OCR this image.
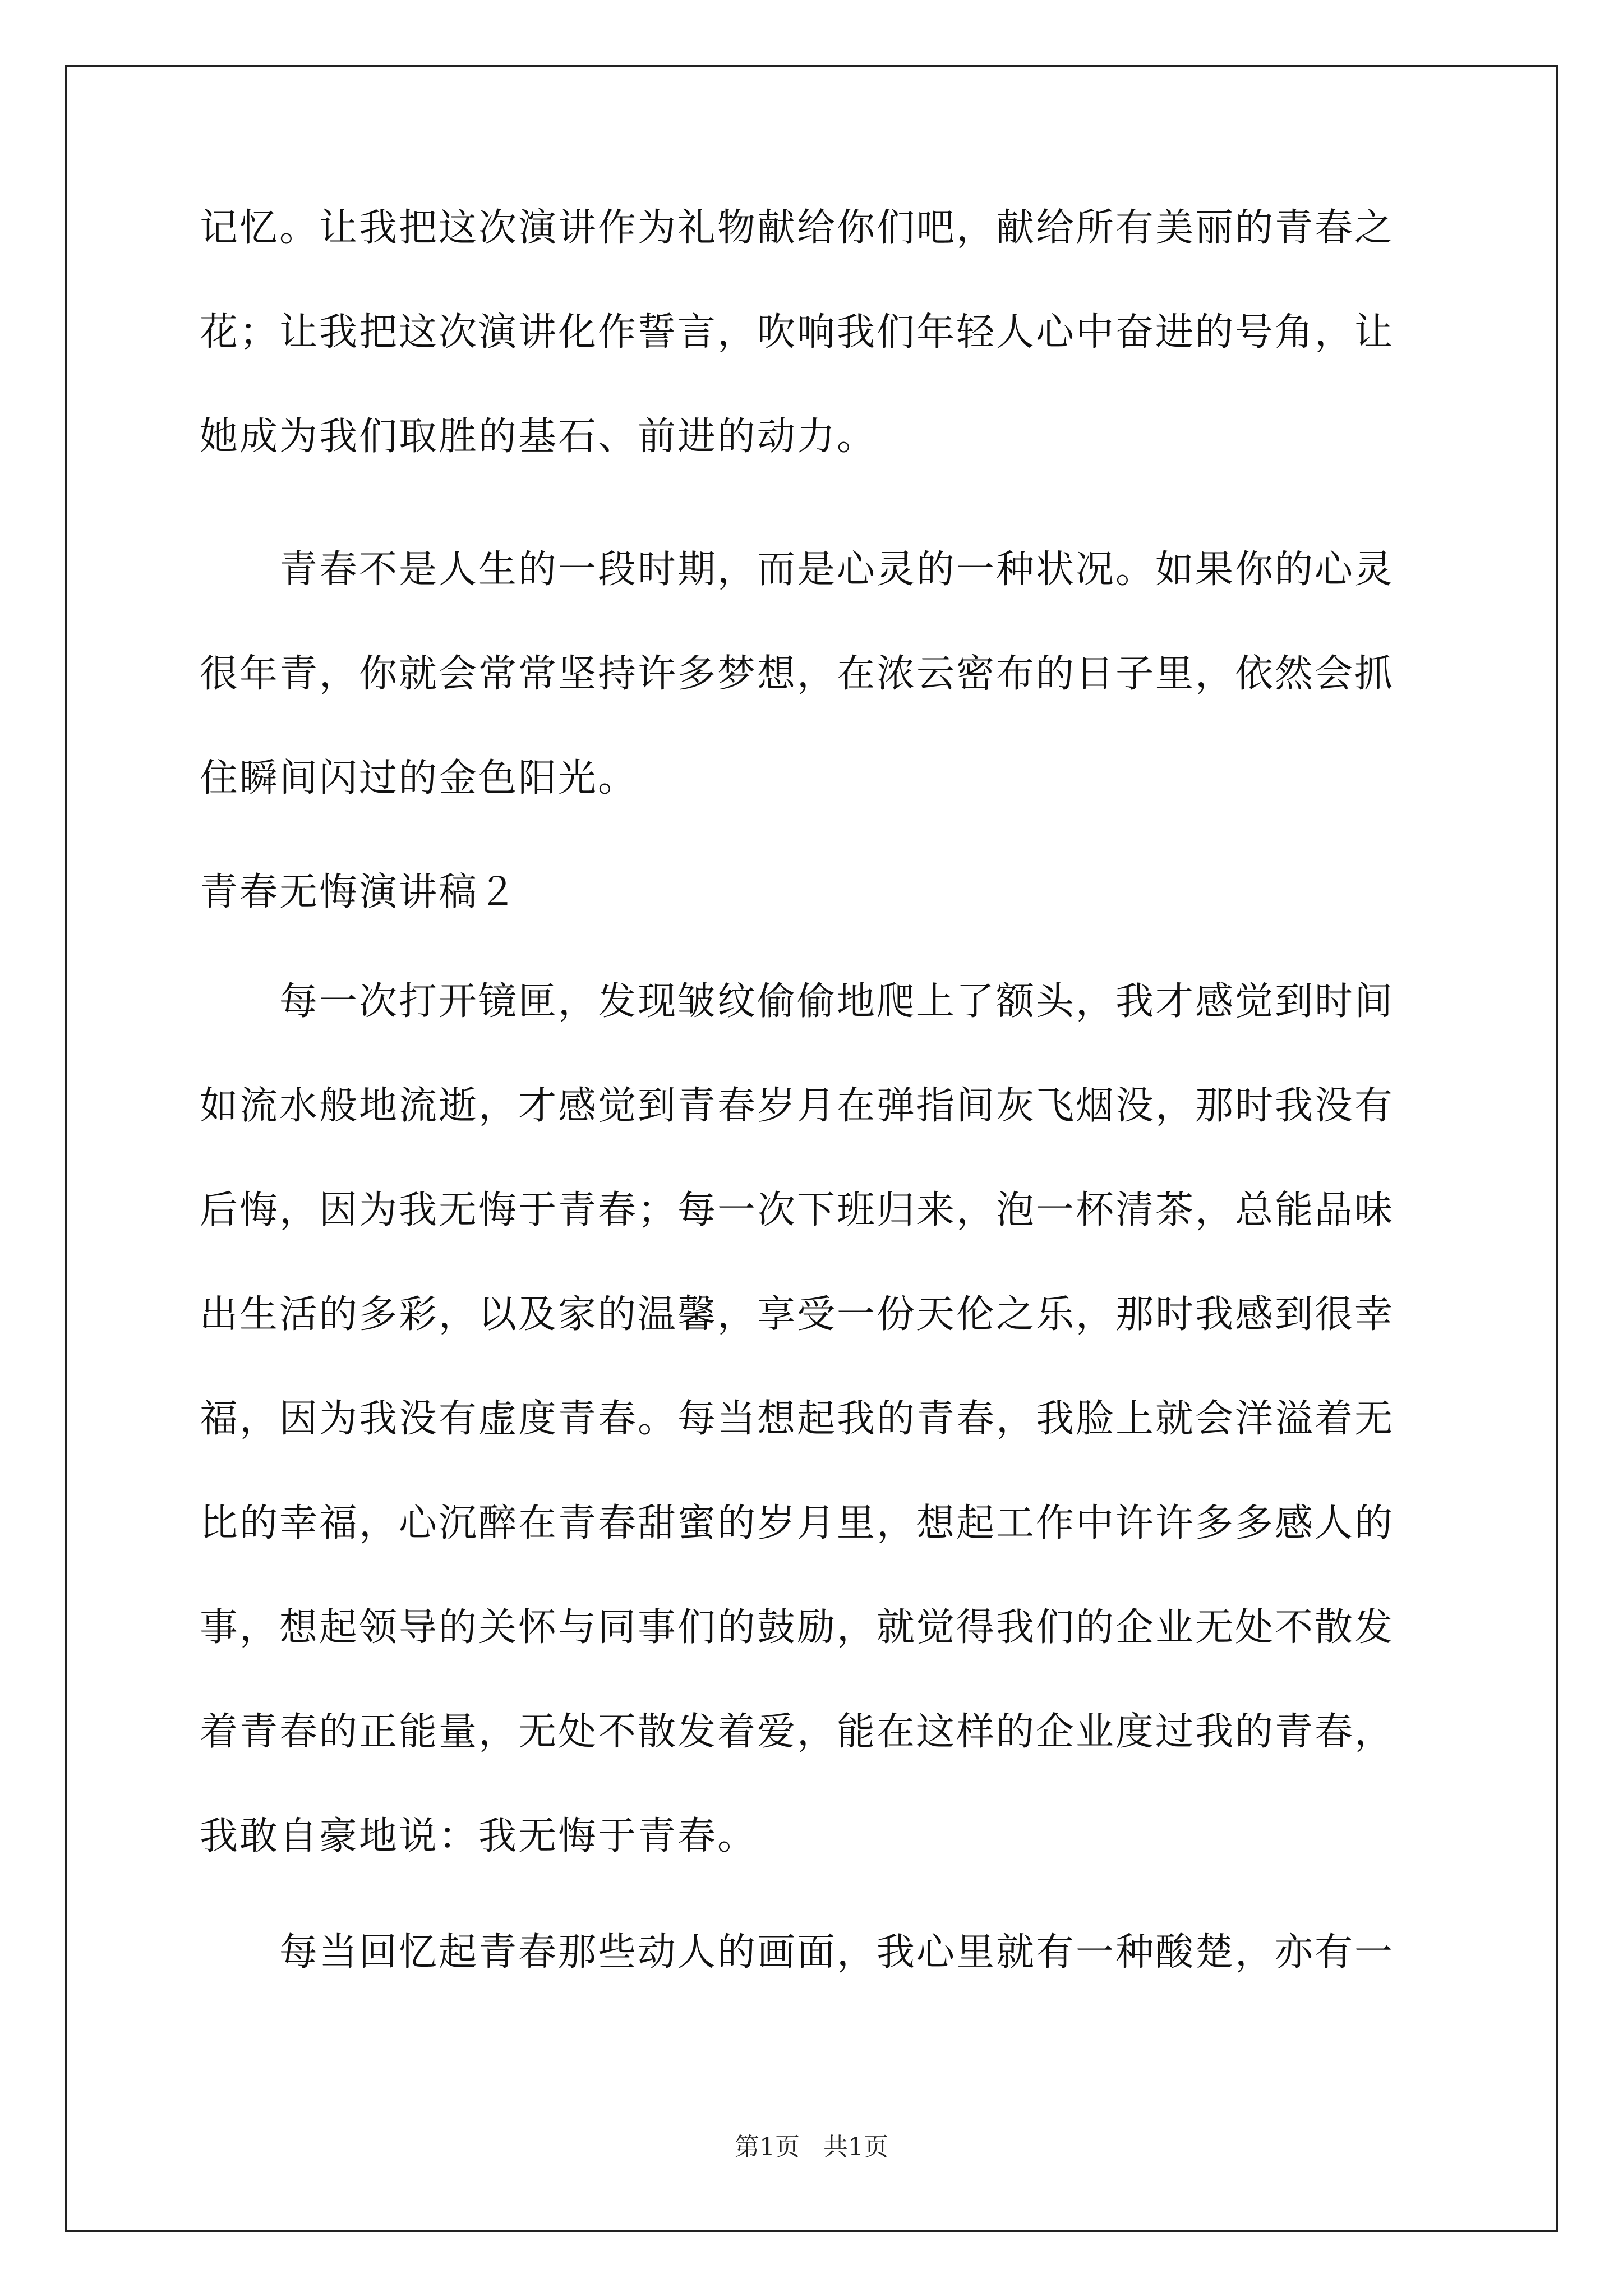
记忆。让我把这次演讲作为礼物献给你们吧，献给所有美丽的青春之
花；让我把这次演讲化作誓言，吹响我们年轻人心中奋进的号角，让
她成为我们取胜的基石、前进的动力。
青春不是人生的一段时期，而是心灵的一种状况。如果你的心灵
很年青，你就会常常坚持许多梦想，在浓云密布的日子里，依然会抓
住瞬间闪过的金色阳光。
青春无悔演讲稿２
每一次打开镜匣，发现皱纹偷偷地爬上了额头，我才感觉到时间
如流水般地流逝，才感觉到青春岁月在弹指间灰飞烟没，那时我没有
后悔，因为我无悔于青春；每一次下班归来，泡一杯清茶，总能品味
出生活的多彩，以及家的温馨，享受一份天伦之乐，那时我感到很幸
福，因为我没有虚度青春。每当想起我的青春，我脸上就会洋溢着无
比的幸福，心沉醉在青春甜蜜的岁月里，想起工作中许许多多感人的
事，想起领导的关怀与同事们的鼓励，就觉得我们的企业无处不散发
着青春的正能量，无处不散发着爱，能在这样的企业度过我的青春，
我敢自豪地说：我无悔于青春。
每当回忆起青春那些动人的画面，我心里就有一种酸楚，亦有一
第1页 共1页
